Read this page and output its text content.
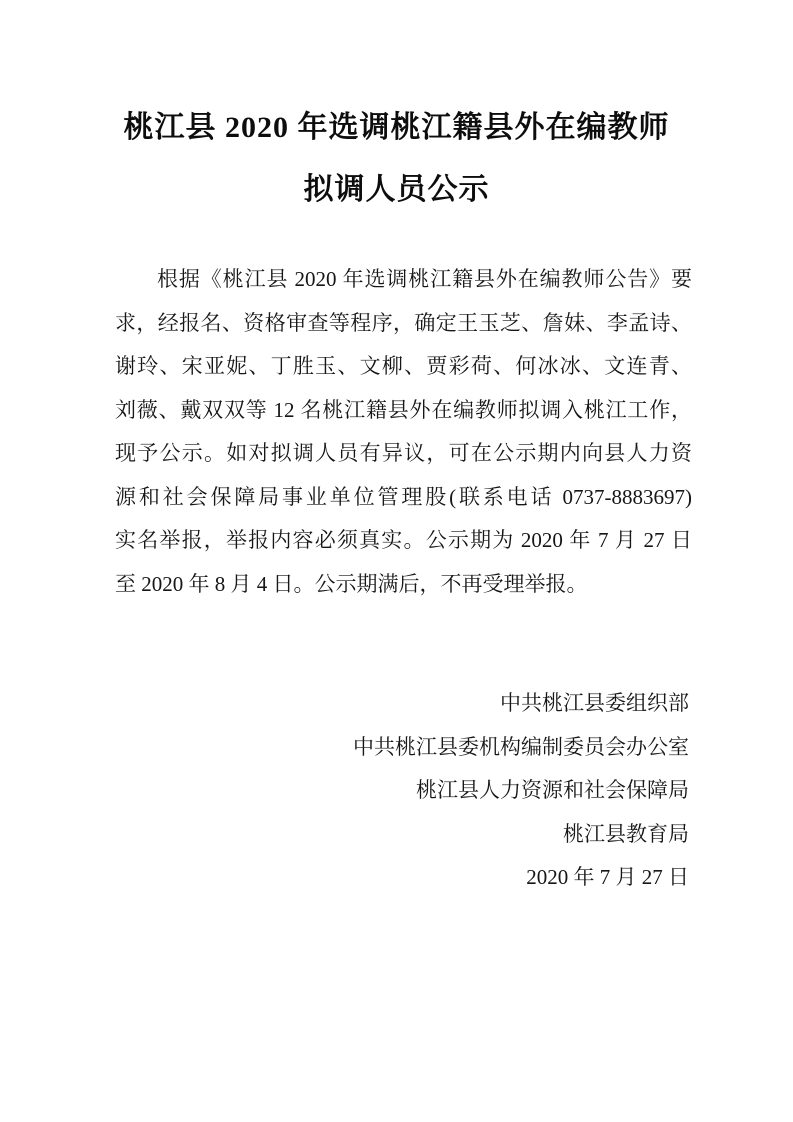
桃江县 2020 年选调桃江籍县外在编教师
拟调人员公示
根据《桃江县 2020 年选调桃江籍县外在编教师公告》要
求，经报名、资格审查等程序，确定王玉芝、詹妹、李孟诗、
谢玲、宋亚妮、丁胜玉、文柳、贾彩荷、何冰冰、文连青、
刘薇、戴双双等 12 名桃江籍县外在编教师拟调入桃江工作，
现予公示。如对拟调人员有异议，可在公示期内向县人力资
源和社会保障局事业单位管理股(联系电话 0737-8883697)
实名举报，举报内容必须真实。公示期为 2020 年 7 月 27 日
至 2020 年 8 月 4 日。公示期满后，不再受理举报。
中共桃江县委组织部
中共桃江县委机构编制委员会办公室
桃江县人力资源和社会保障局
桃江县教育局
2020 年 7 月 27 日
